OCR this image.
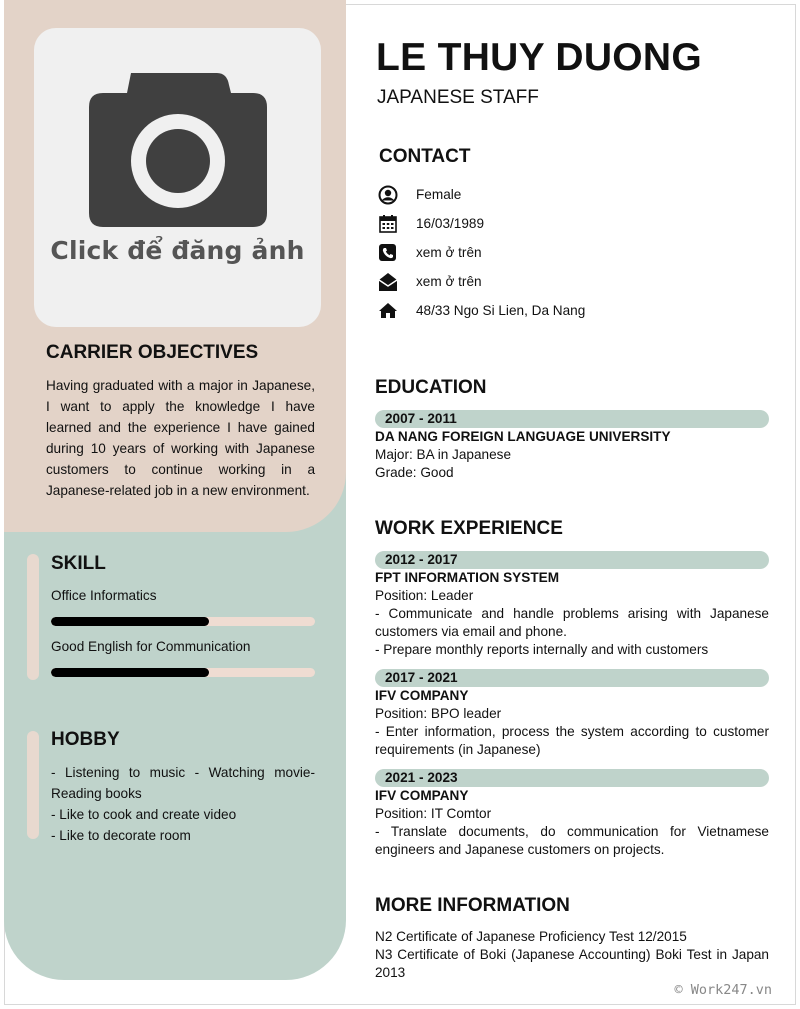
Click để đăng ảnh
CARRIER OBJECTIVES
Having graduated with a major in Japanese, I want to apply the knowledge I have learned and the experience I have gained during 10 years of working with Japanese customers to continue working in a Japanese-related job in a new environment.
SKILL
Office Informatics
Good English for Communication
HOBBY
- Listening to music - Watching movie- Reading books
- Like to cook and create video
- Like to decorate room
LE THUY DUONG
JAPANESE STAFF
CONTACT
Female
16/03/1989
xem ở trên
xem ở trên
48/33 Ngo Si Lien, Da Nang
EDUCATION
2007 - 2011
DA NANG FOREIGN LANGUAGE UNIVERSITY
Major: BA in Japanese
Grade: Good
WORK EXPERIENCE
2012 - 2017
FPT INFORMATION SYSTEM
Position: Leader
- Communicate and handle problems arising with Japanese customers via email and phone.
- Prepare monthly reports internally and with customers
2017 - 2021
IFV COMPANY
Position: BPO leader
- Enter information, process the system according to customer requirements (in Japanese)
2021 - 2023
IFV COMPANY
Position: IT Comtor
- Translate documents, do communication for Vietnamese engineers and Japanese customers on projects.
MORE INFORMATION
N2 Certificate of Japanese Proficiency Test 12/2015
N3 Certificate of Boki (Japanese Accounting) Boki Test in Japan 2013
© Work247.vn
